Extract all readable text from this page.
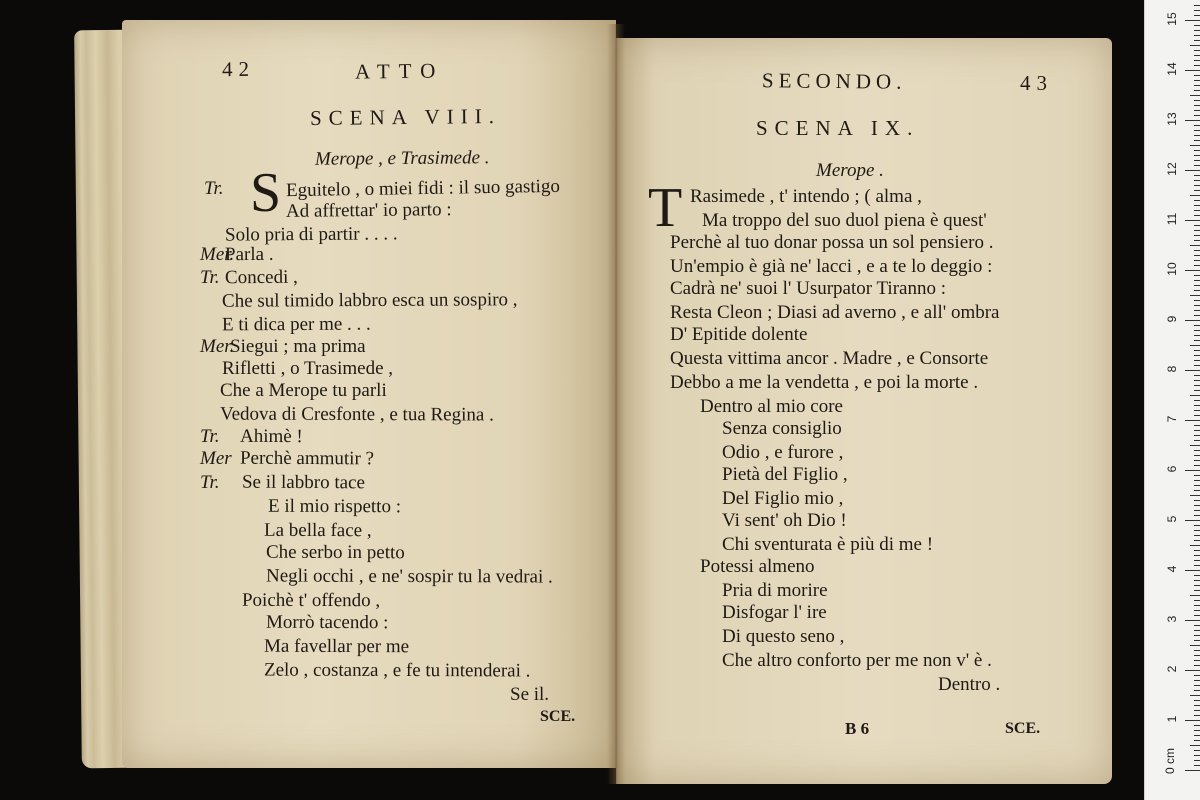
42	ATTO
SCENA VIII.
Merope , e Trasimede .
S
Tr.	Eguitelo , o miei fidi : il suo gastigo
Ad affrettar' io parto :
Solo pria di partir . . . .
Mer.
Parla .
Tr. Concedi ,
Che sul timido labbro esca un sospiro ,
E ti dica per me . . .
Mer.
Siegui ; ma prima
Rifletti , o Trasimede ,
Che a Merope tu parli
Vedova di Cresfonte , e tua Regina .
Tr. Ahimè !
Mer Perchè ammutir ?
Tr. Se il labbro tace
E il mio rispetto :
La bella face ,
Che serbo in petto
Negli occhi , e ne' sospir tu la vedrai .
Poichè t' offendo ,
Morrò tacendo :
Ma favellar per me
Zelo , costanza , e fe tu intenderai .
Se il.
SCE.
SECONDO.	43
SCENA IX.
Merope .
T Rasimede , t' intendo ; ( alma ,
Ma troppo del suo duol piena è quest'
Perchè al tuo donar possa un sol pensiero .
Un'empio è già ne' lacci , e a te lo deggio :
Cadrà ne' suoi l' Usurpator Tiranno :
Resta Cleon ; Diasi ad averno , e all' ombra
D' Epitide dolente
Questa vittima ancor . Madre , e Consorte
Debbo a me la vendetta , e poi la morte .
Dentro al mio core
Senza consiglio
Odio , e furore ,
Pietà del Figlio ,
Del Figlio mio ,
Vi sent' oh Dio !
Chi sventurata è più di me !
Potessi almeno
Pria di morire
Disfogar l' ire
Di questo seno ,
Che altro conforto per me non v' è .
Dentro .
B 6	SCE.
1
2
3
4
5
6
7
8
9
10
11
12
13
14
15
0 cm
